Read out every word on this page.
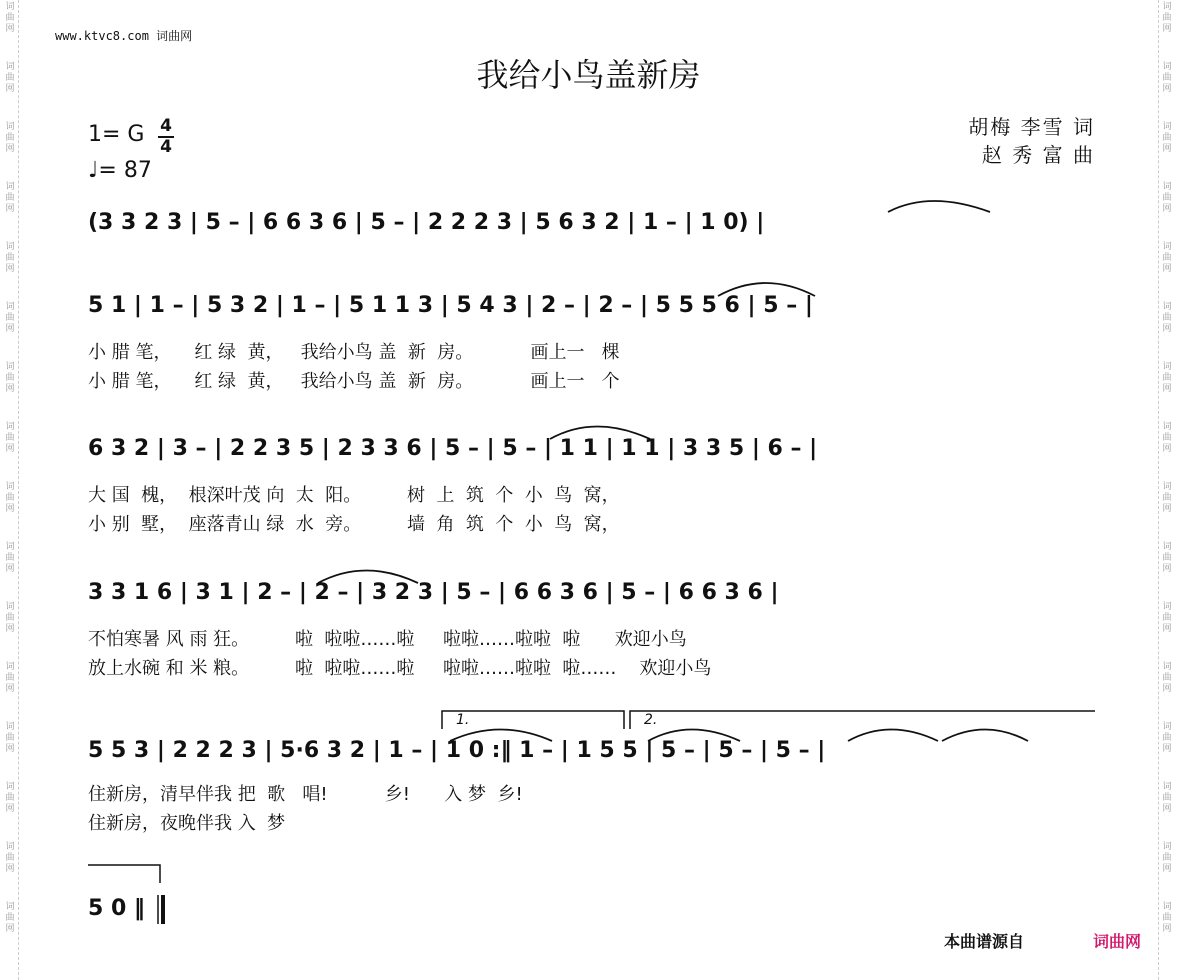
词
曲
网
词
曲
网
词
曲
网
词
曲
网
词
曲
网
词
曲
网
词
曲
网
词
曲
网
词
曲
网
词
曲
网
词
曲
网
词
曲
网
词
曲
网
词
曲
网
词
曲
网
词
曲
网
词
曲
网
词
曲
网
词
曲
网
词
曲
网
词
曲
网
词
曲
网
词
曲
网
词
曲
网
词
曲
网
词
曲
网
词
曲
网
词
曲
网
词
曲
网
词
曲
网
词
曲
网
词
曲
网
www.ktvc8.com 词曲网
我给小鸟盖新房
胡梅 李雪 词
赵 秀 富 曲
1= G 4
4
♩= 87
(3 3 2 3 | 5 – | 6 6 3 6 | 5 – | 2 2 2 3 | 5 6 3 2 | 1 – | 1 0) |
5 1 | 1 – | 5 3 2 | 1 – | 5 1 1 3 | 5 4 3 | 2 – | 2 – | 5 5 5 6 | 5 – |
小 腊 笔，    红 绿  黄，   我给小鸟 盖  新  房。          画上一   棵
小 腊 笔，    红 绿  黄，   我给小鸟 盖  新  房。          画上一   个
6 3 2 | 3 – | 2 2 3 5 | 2 3 3 6 | 5 – | 5 – | 1 1 | 1 1 | 3 3 5 | 6 – |
大 国  槐，  根深叶茂 向  太  阳。        树  上  筑  个  小  鸟  窝，
小 别  墅，  座落青山 绿  水  旁。        墙  角  筑  个  小  鸟  窝，
3 3 1 6 | 3 1 | 2 – | 2 – | 3 2 3 | 5 – | 6 6 3 6 | 5 – | 6 6 3 6 |
不怕寒暑 风 雨 狂。        啦  啦啦……啦     啦啦……啦啦  啦      欢迎小鸟
放上水碗 和 米 粮。        啦  啦啦……啦     啦啦……啦啦  啦……    欢迎小鸟
1.	2.
5 5 3 | 2 2 2 3 | 5·6 3 2 | 1 – | 1 0 :‖ 1 – | 1 5 5 | 5 – | 5 – | 5 – |
住新房，清早伴我 把  歌   唱!          乡!      入 梦  乡!
住新房，夜晚伴我 入  梦
5 0 ‖
本曲谱源自	词曲网
